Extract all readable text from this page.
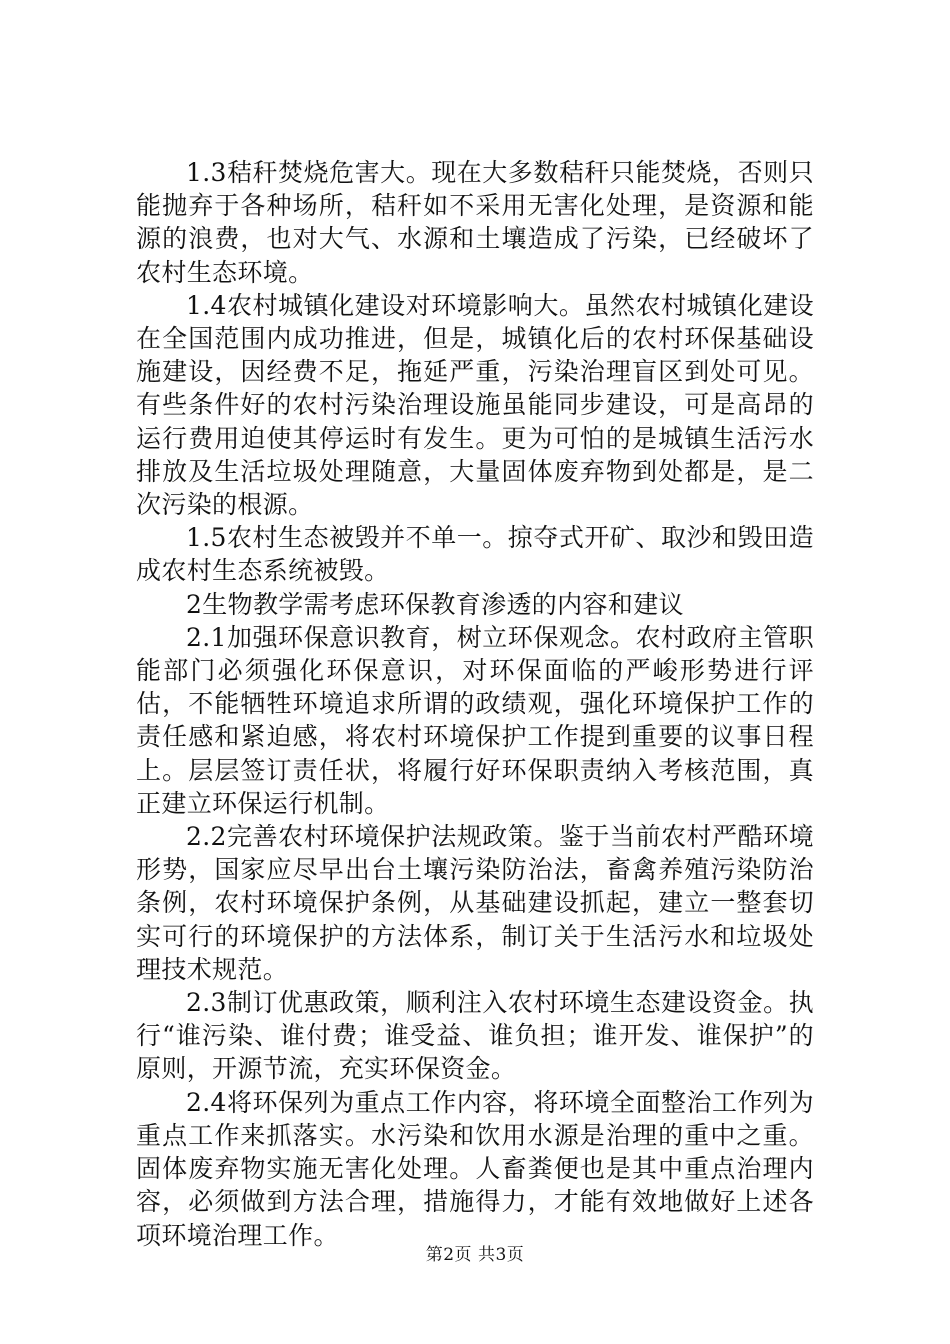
1.3秸秆焚烧危害大。现在大多数秸秆只能焚烧，否则只能抛弃于各种场所，秸秆如不采用无害化处理，是资源和能源的浪费，也对大气、水源和土壤造成了污染，已经破坏了农村生态环境。

1.4农村城镇化建设对环境影响大。虽然农村城镇化建设在全国范围内成功推进，但是，城镇化后的农村环保基础设施建设，因经费不足，拖延严重，污染治理盲区到处可见。有些条件好的农村污染治理设施虽能同步建设，可是高昂的运行费用迫使其停运时有发生。更为可怕的是城镇生活污水排放及生活垃圾处理随意，大量固体废弃物到处都是，是二次污染的根源。

1.5农村生态被毁并不单一。掠夺式开矿、取沙和毁田造成农村生态系统被毁。

2生物教学需考虑环保教育渗透的内容和建议

2.1加强环保意识教育，树立环保观念。农村政府主管职能部门必须强化环保意识，对环保面临的严峻形势进行评估，不能牺牲环境追求所谓的政绩观，强化环境保护工作的责任感和紧迫感，将农村环境保护工作提到重要的议事日程上。层层签订责任状，将履行好环保职责纳入考核范围，真正建立环保运行机制。

2.2完善农村环境保护法规政策。鉴于当前农村严酷环境形势，国家应尽早出台土壤污染防治法，畜禽养殖污染防治条例，农村环境保护条例，从基础建设抓起，建立一整套切实可行的环境保护的方法体系，制订关于生活污水和垃圾处理技术规范。

2.3制订优惠政策，顺利注入农村环境生态建设资金。执行“谁污染、谁付费；谁受益、谁负担；谁开发、谁保护”的原则，开源节流，充实环保资金。

2.4将环保列为重点工作内容，将环境全面整治工作列为重点工作来抓落实。水污染和饮用水源是治理的重中之重。固体废弃物实施无害化处理。人畜粪便也是其中重点治理内容，必须做到方法合理，措施得力，才能有效地做好上述各项环境治理工作。

第2页 共3页
